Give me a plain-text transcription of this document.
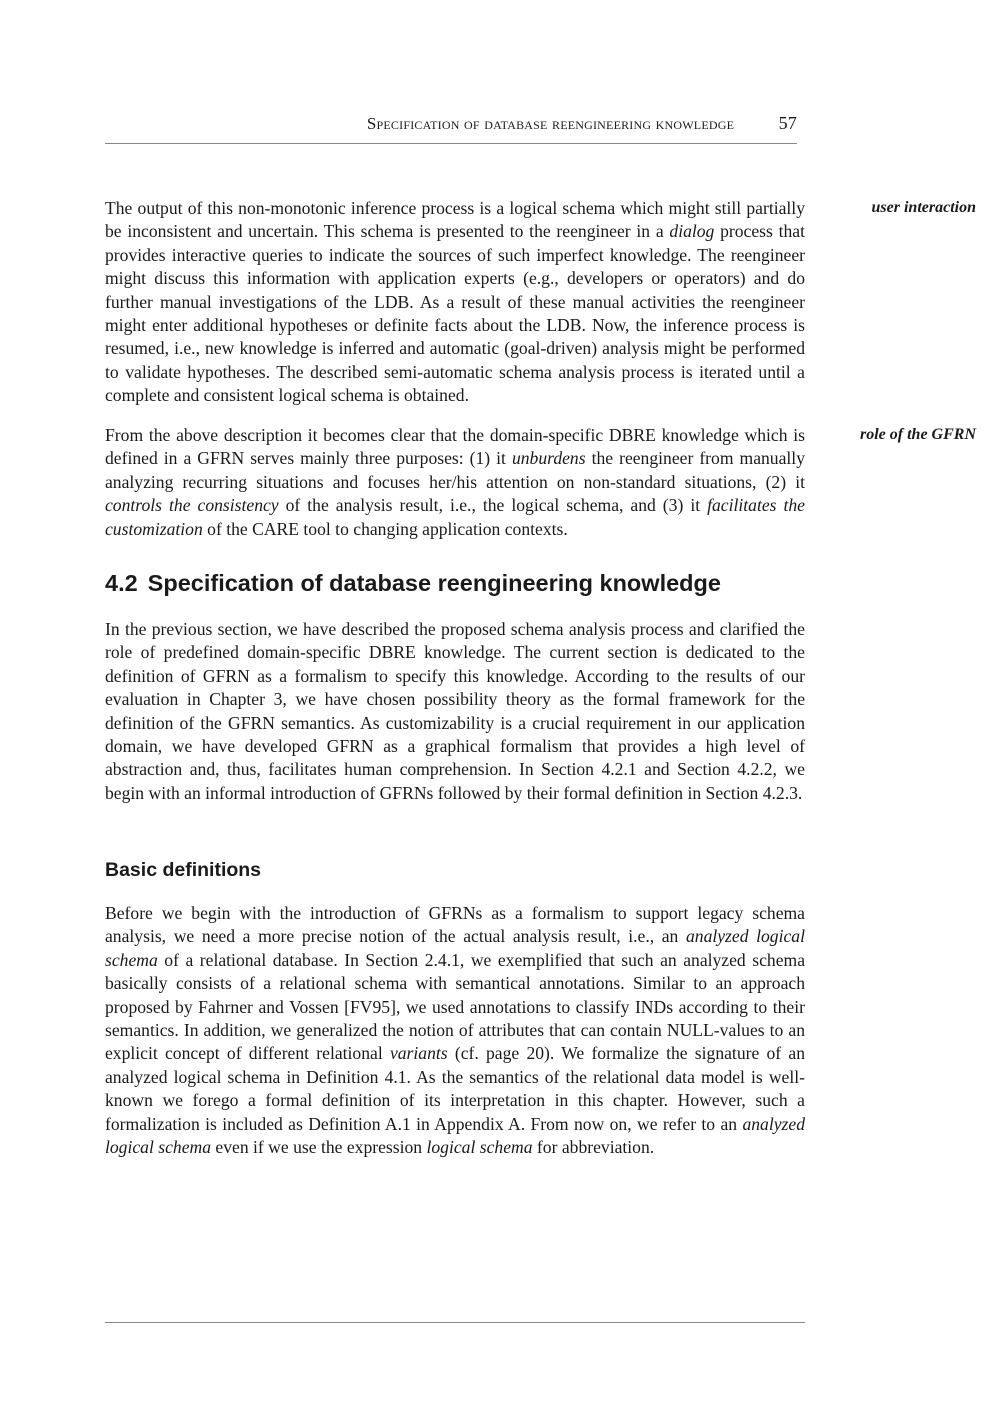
Specification of database reengineering knowledge 57
user interaction

The output of this non-monotonic inference process is a logical schema which might still partially be inconsistent and uncertain. This schema is presented to the reengineer in a dialog process that provides interactive queries to indicate the sources of such imperfect knowledge. The reengineer might discuss this information with application experts (e.g., developers or operators) and do further manual investigations of the LDB. As a result of these manual activities the reengineer might enter additional hypotheses or definite facts about the LDB. Now, the inference process is resumed, i.e., new knowledge is inferred and automatic (goal-driven) analysis might be performed to validate hypotheses. The described semi-automatic schema analysis process is iterated until a complete and consistent logical schema is obtained.

role of the GFRN

From the above description it becomes clear that the domain-specific DBRE knowledge which is defined in a GFRN serves mainly three purposes: (1) it unburdens the reengineer from manually analyzing recurring situations and focuses her/his attention on non-standard situations, (2) it controls the consistency of the analysis result, i.e., the logical schema, and (3) it facilitates the customization of the CARE tool to changing application contexts.

4.2 Specification of database reengineering knowledge

In the previous section, we have described the proposed schema analysis process and clarified the role of predefined domain-specific DBRE knowledge. The current section is dedicated to the definition of GFRN as a formalism to specify this knowledge. According to the results of our evaluation in Chapter 3, we have chosen possibility theory as the formal framework for the definition of the GFRN semantics. As customizability is a crucial requirement in our application domain, we have developed GFRN as a graphical formalism that provides a high level of abstraction and, thus, facilitates human comprehension. In Section 4.2.1 and Section 4.2.2, we begin with an informal introduction of GFRNs followed by their formal definition in Section 4.2.3.

Basic definitions

Before we begin with the introduction of GFRNs as a formalism to support legacy schema analysis, we need a more precise notion of the actual analysis result, i.e., an analyzed logical schema of a relational database. In Section 2.4.1, we exemplified that such an analyzed schema basically consists of a relational schema with semantical annotations. Similar to an approach proposed by Fahrner and Vossen [FV95], we used annotations to classify INDs according to their semantics. In addition, we generalized the notion of attributes that can contain NULL-values to an explicit concept of different relational variants (cf. page 20). We formalize the signature of an analyzed logical schema in Definition 4.1. As the semantics of the relational data model is well-known we forego a formal definition of its interpretation in this chapter. However, such a formalization is included as Definition A.1 in Appendix A. From now on, we refer to an analyzed logical schema even if we use the expression logical schema for abbreviation.
